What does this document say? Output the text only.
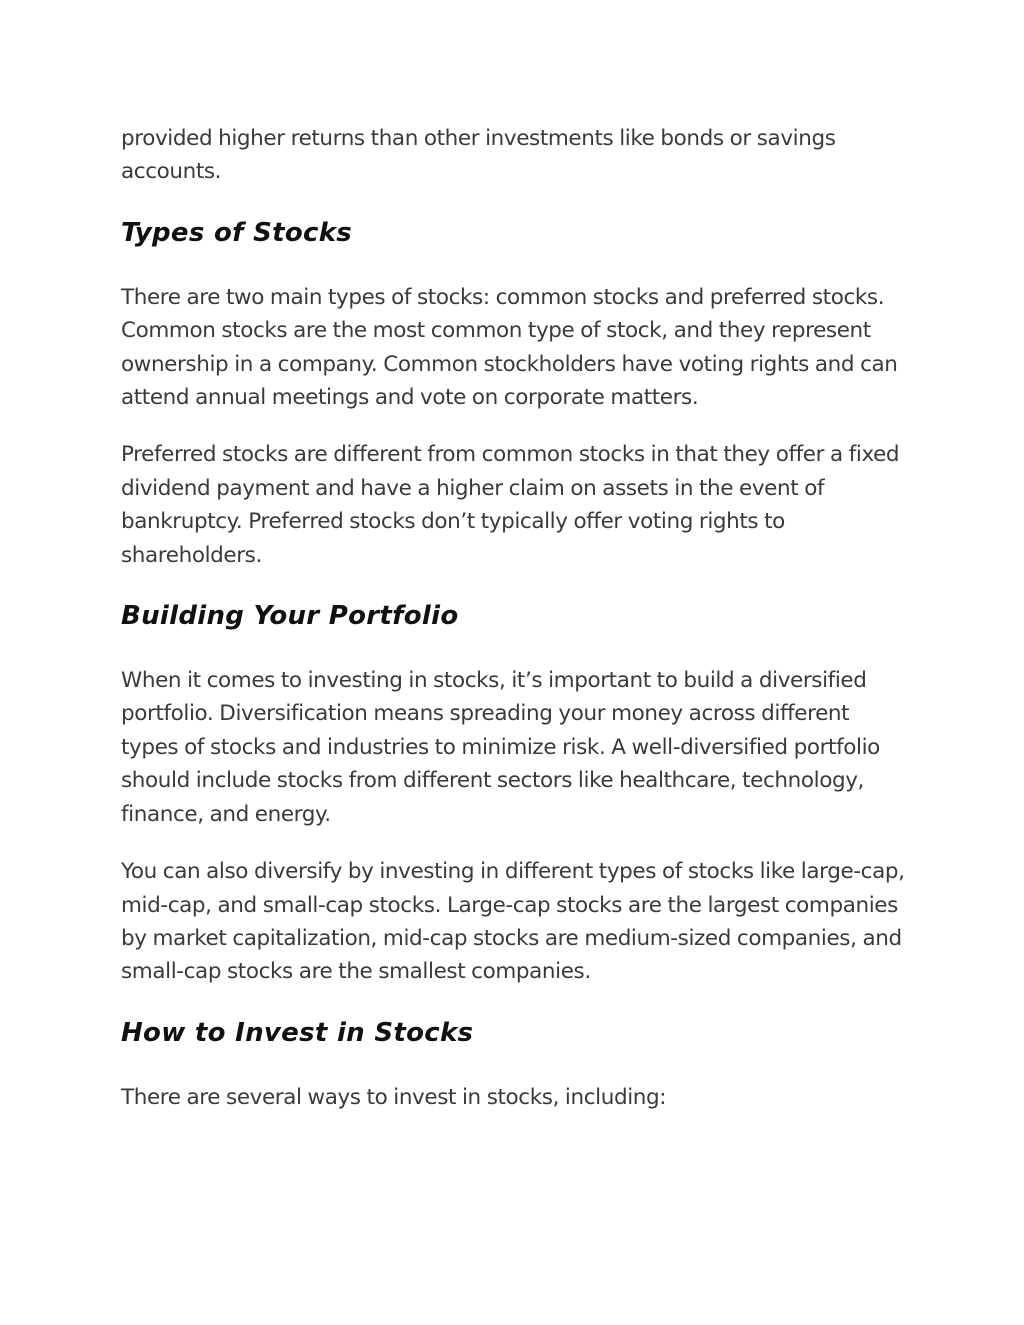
provided higher returns than other investments like bonds or savings accounts.

Types of Stocks

There are two main types of stocks: common stocks and preferred stocks. Common stocks are the most common type of stock, and they represent ownership in a company. Common stockholders have voting rights and can attend annual meetings and vote on corporate matters.

Preferred stocks are different from common stocks in that they offer a fixed dividend payment and have a higher claim on assets in the event of bankruptcy. Preferred stocks don’t typically offer voting rights to shareholders.

Building Your Portfolio

When it comes to investing in stocks, it’s important to build a diversified portfolio. Diversification means spreading your money across different types of stocks and industries to minimize risk. A well-diversified portfolio should include stocks from different sectors like healthcare, technology, finance, and energy.

You can also diversify by investing in different types of stocks like large-cap, mid-cap, and small-cap stocks. Large-cap stocks are the largest companies by market capitalization, mid-cap stocks are medium-sized companies, and small-cap stocks are the smallest companies.

How to Invest in Stocks

There are several ways to invest in stocks, including:
